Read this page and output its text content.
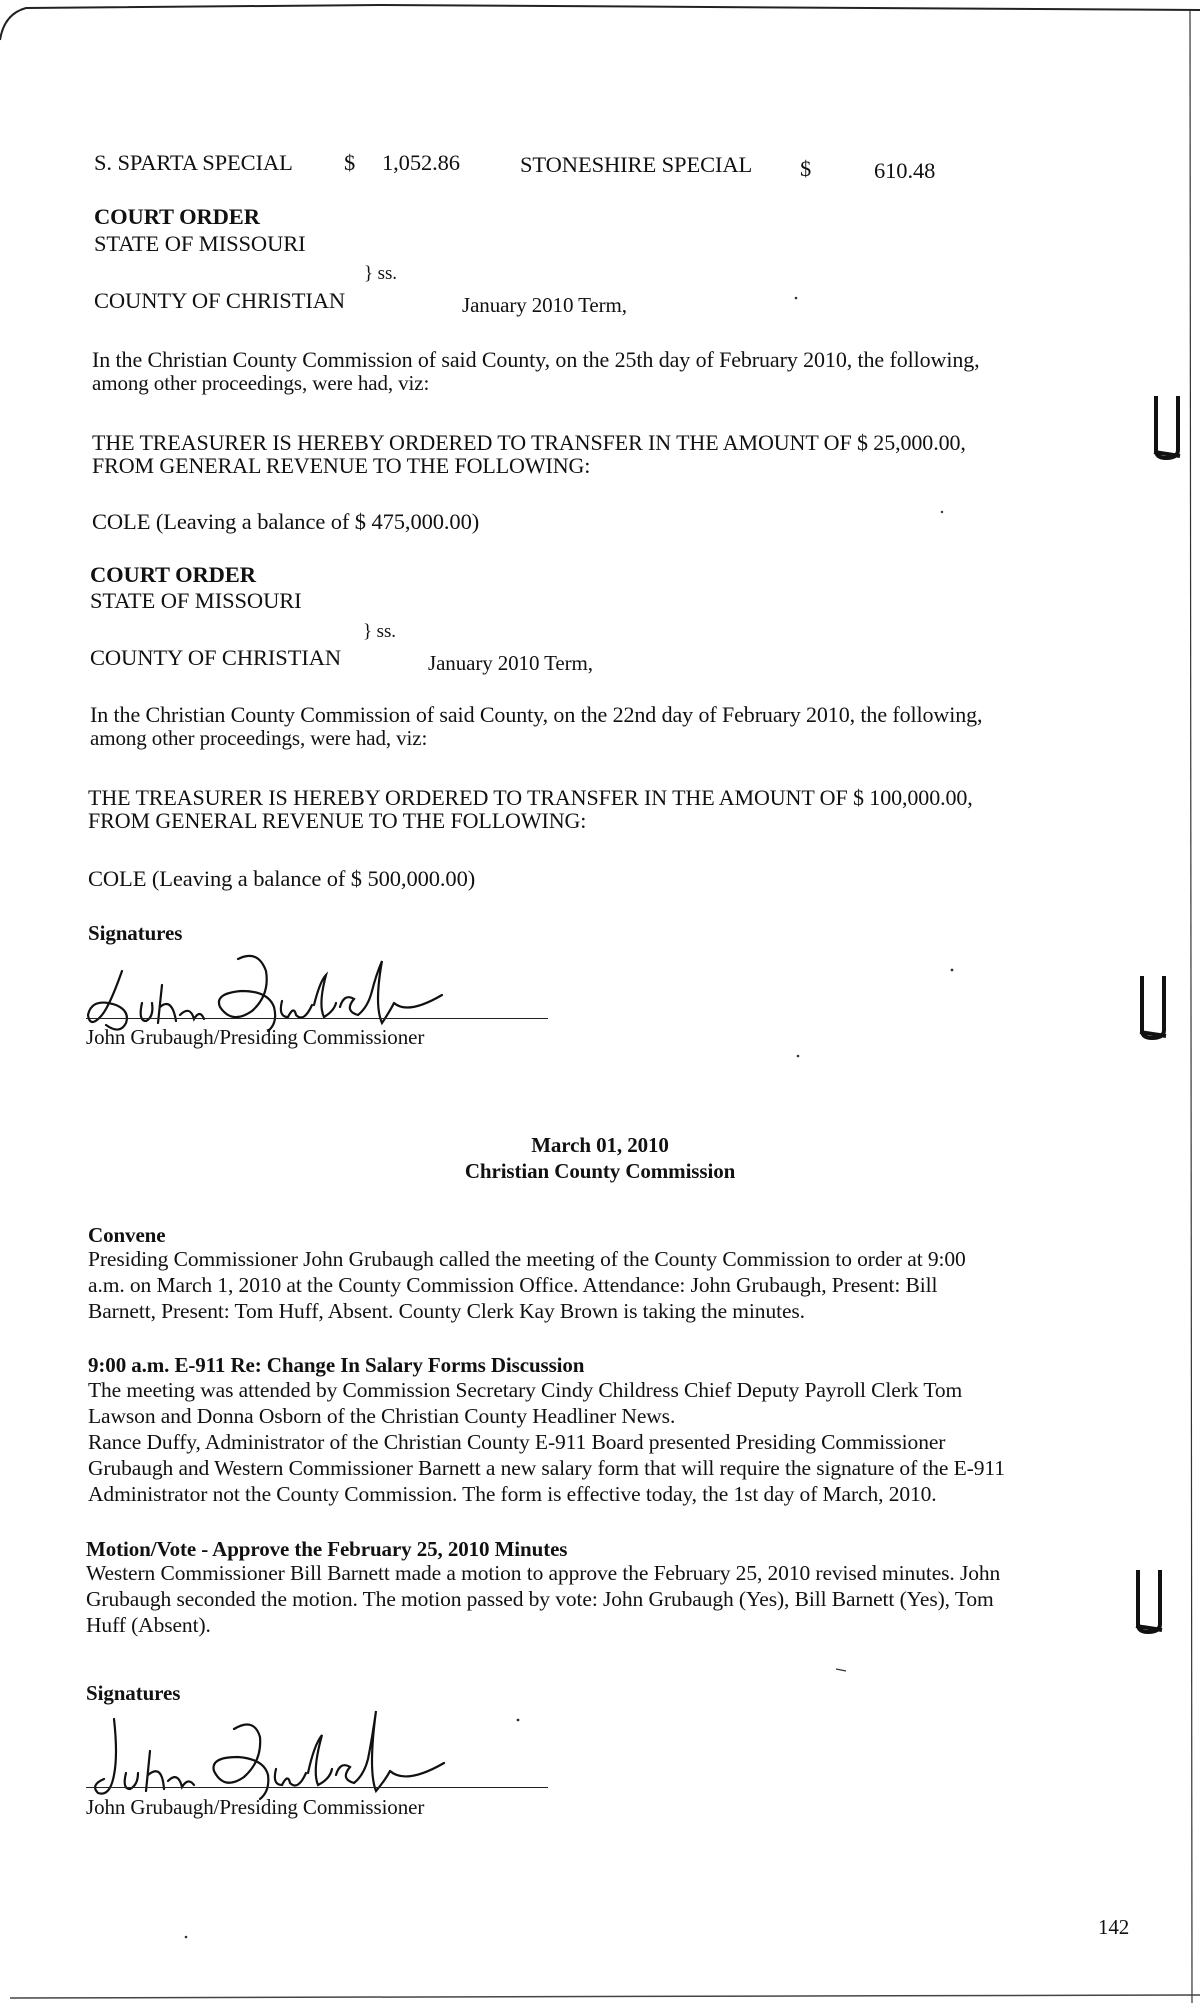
S. SPARTA SPECIAL $ 1,052.86	STONESHIRE SPECIAL $	610.48
COURT ORDER
STATE OF MISSOURI
} ss.
COUNTY OF CHRISTIAN	January 2010 Term,
In the Christian County Commission of said County, on the 25th day of February 2010, the following,
among other proceedings, were had, viz:
THE TREASURER IS HEREBY ORDERED TO TRANSFER IN THE AMOUNT OF $ 25,000.00,
FROM GENERAL REVENUE TO THE FOLLOWING:
COLE (Leaving a balance of $ 475,000.00)
COURT ORDER
STATE OF MISSOURI
} ss.
COUNTY OF CHRISTIAN	January 2010 Term,
In the Christian County Commission of said County, on the 22nd day of February 2010, the following,
among other proceedings, were had, viz:
THE TREASURER IS HEREBY ORDERED TO TRANSFER IN THE AMOUNT OF $ 100,000.00,
FROM GENERAL REVENUE TO THE FOLLOWING:
COLE (Leaving a balance of $ 500,000.00)
Signatures
John Grubaugh/Presiding Commissioner
March 01, 2010
Christian County Commission
Convene
Presiding Commissioner John Grubaugh called the meeting of the County Commission to order at 9:00
a.m. on March 1, 2010 at the County Commission Office. Attendance: John Grubaugh, Present: Bill
Barnett, Present: Tom Huff, Absent. County Clerk Kay Brown is taking the minutes.
9:00 a.m. E-911 Re: Change In Salary Forms Discussion
The meeting was attended by Commission Secretary Cindy Childress Chief Deputy Payroll Clerk Tom
Lawson and Donna Osborn of the Christian County Headliner News.
Rance Duffy, Administrator of the Christian County E-911 Board presented Presiding Commissioner
Grubaugh and Western Commissioner Barnett a new salary form that will require the signature of the E-911
Administrator not the County Commission. The form is effective today, the 1st day of March, 2010.
Motion/Vote - Approve the February 25, 2010 Minutes
Western Commissioner Bill Barnett made a motion to approve the February 25, 2010 revised minutes. John
Grubaugh seconded the motion. The motion passed by vote: John Grubaugh (Yes), Bill Barnett (Yes), Tom
Huff (Absent).
Signatures
John Grubaugh/Presiding Commissioner
142
